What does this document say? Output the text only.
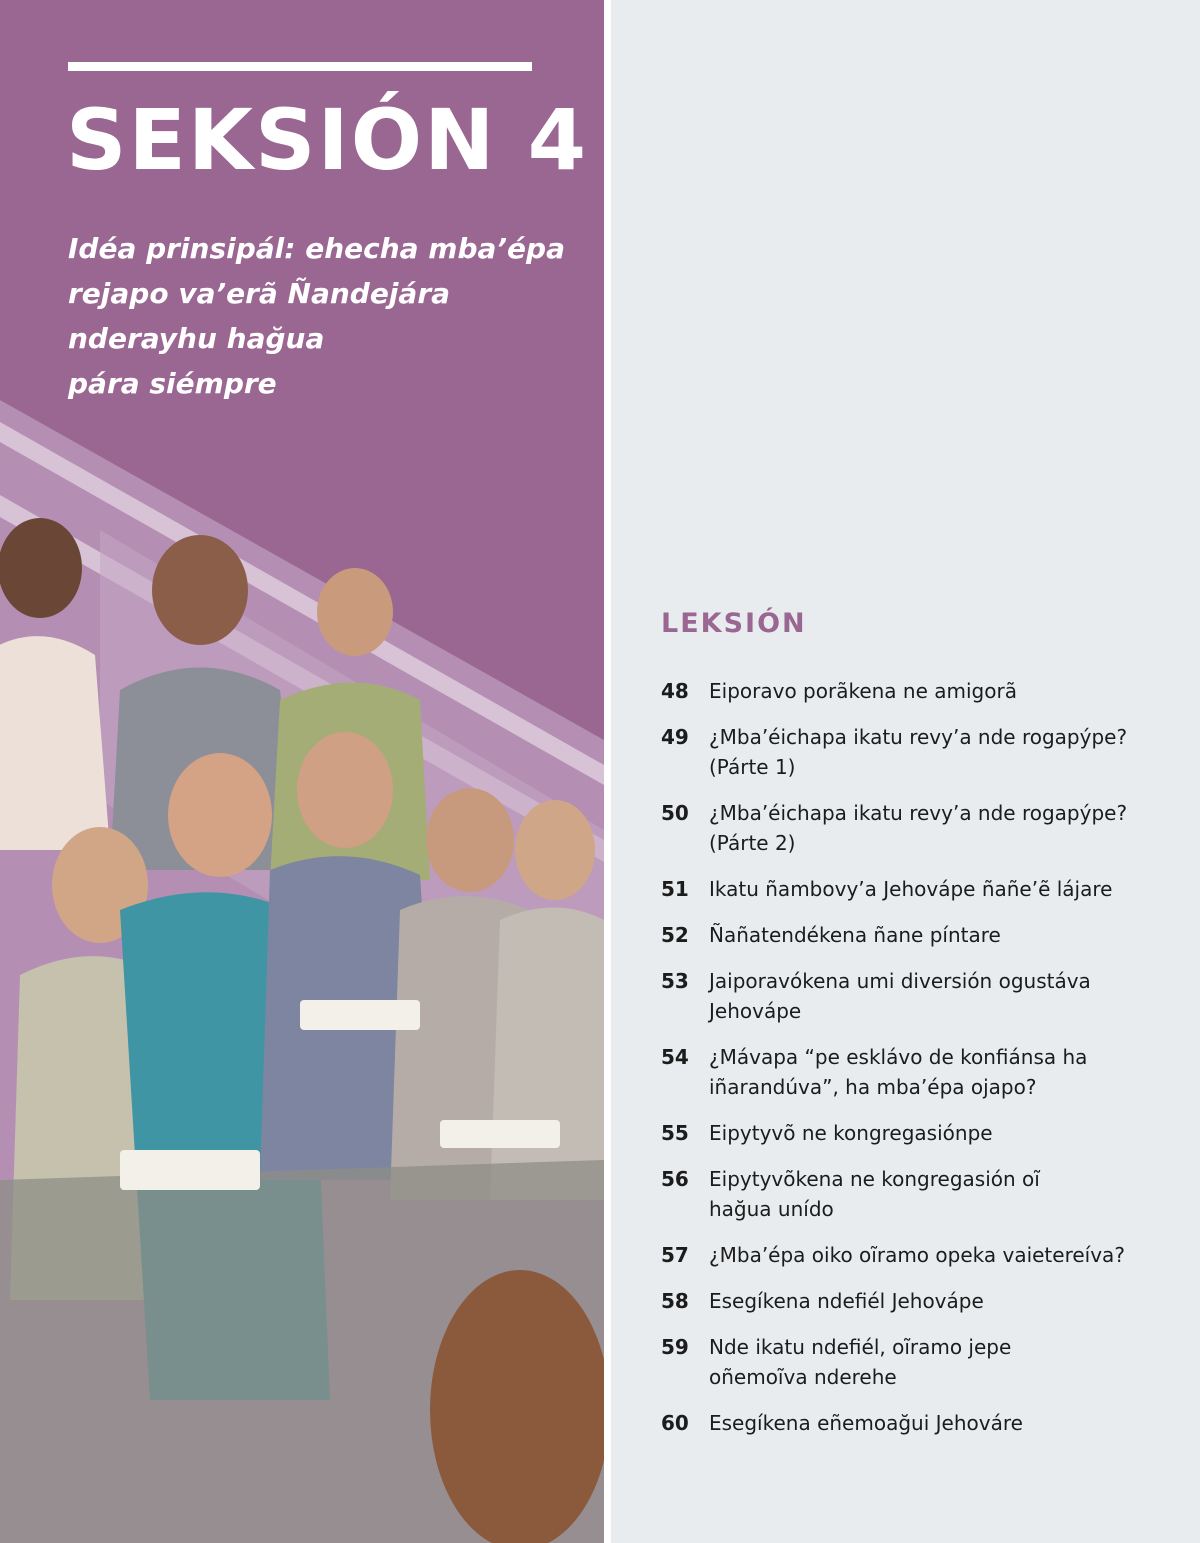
SEKSIÓN 4

Idéa prinsipál: ehecha mba’épa
rejapo va’erã Ñandejára
nderayhu hağua
pára siémpre

LEKSIÓN
48	Eiporavo porãkena ne amigorã
49	¿Mba’éichapa ikatu revy’a nde rogapýpe?
(Párte 1)
50	¿Mba’éichapa ikatu revy’a nde rogapýpe?
(Párte 2)
51	Ikatu ñambovy’a Jehovápe ñañe’ẽ lájare
52	Ñañatendékena ñane píntare
53	Jaiporavókena umi diversión ogustáva
Jehovápe
54	¿Mávapa “pe esklávo de konfiánsa ha
iñarandúva”, ha mba’épa ojapo?
55	Eipytyvõ ne kongregasiónpe
56	Eipytyvõkena ne kongregasión oĩ
hağua unído
57	¿Mba’épa oiko oĩramo opeka vaietereíva?
58	Esegíkena ndefiél Jehovápe
59	Nde ikatu ndefiél, oĩramo jepe
oñemoĩva nderehe
60	Esegíkena eñemoağui Jehováre
